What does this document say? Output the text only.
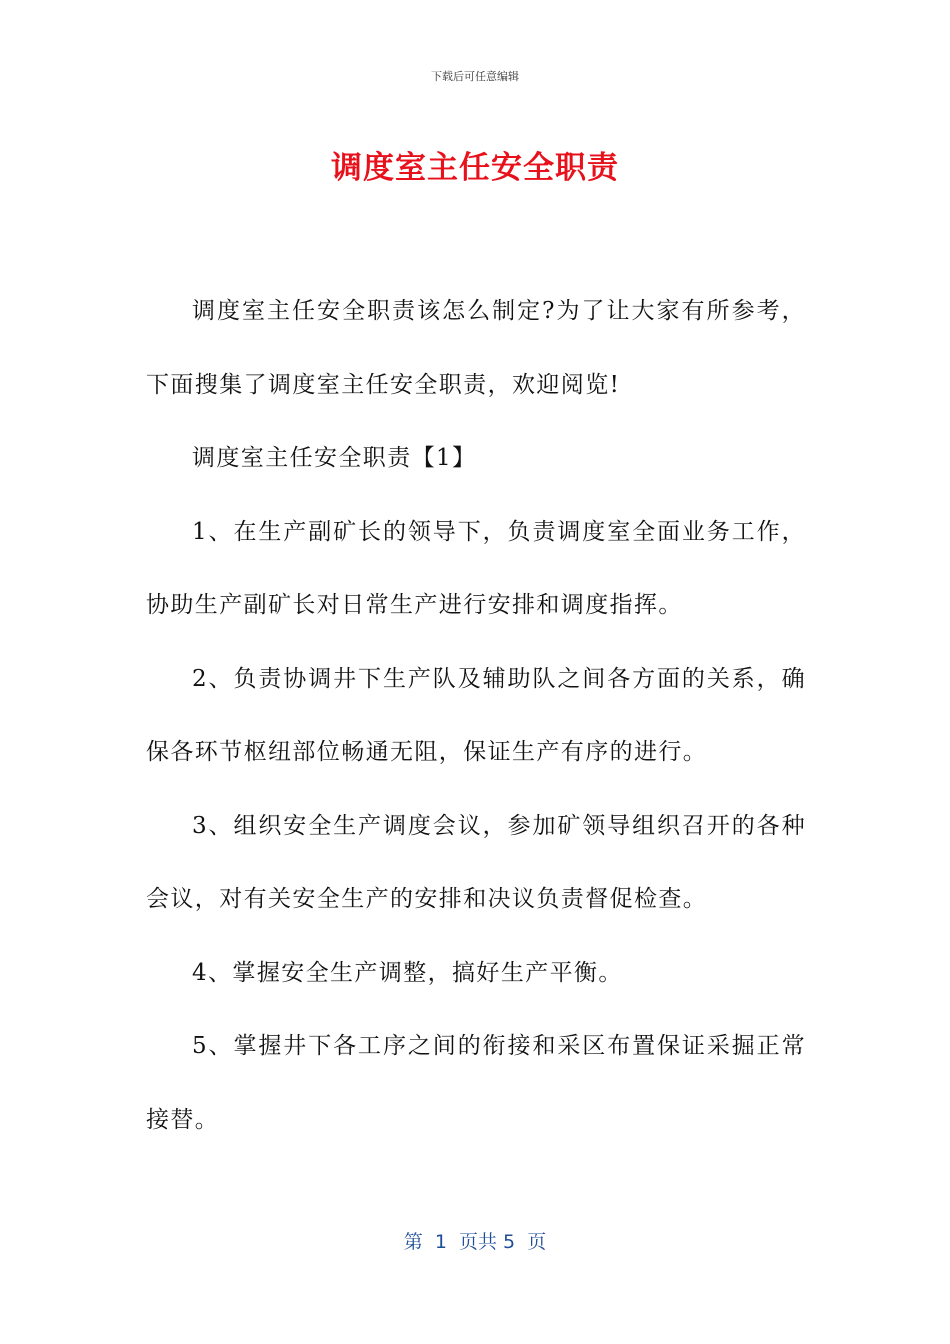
下载后可任意编辑
调度室主任安全职责

调度室主任安全职责该怎么制定?为了让大家有所参考，下面搜集了调度室主任安全职责，欢迎阅览!

调度室主任安全职责【1】

1、在生产副矿长的领导下，负责调度室全面业务工作，协助生产副矿长对日常生产进行安排和调度指挥。

2、负责协调井下生产队及辅助队之间各方面的关系，确保各环节枢纽部位畅通无阻，保证生产有序的进行。

3、组织安全生产调度会议，参加矿领导组织召开的各种会议，对有关安全生产的安排和决议负责督促检查。

4、掌握安全生产调整，搞好生产平衡。

5、掌握井下各工序之间的衔接和采区布置保证采掘正常接替。

第  1  页共 5  页
